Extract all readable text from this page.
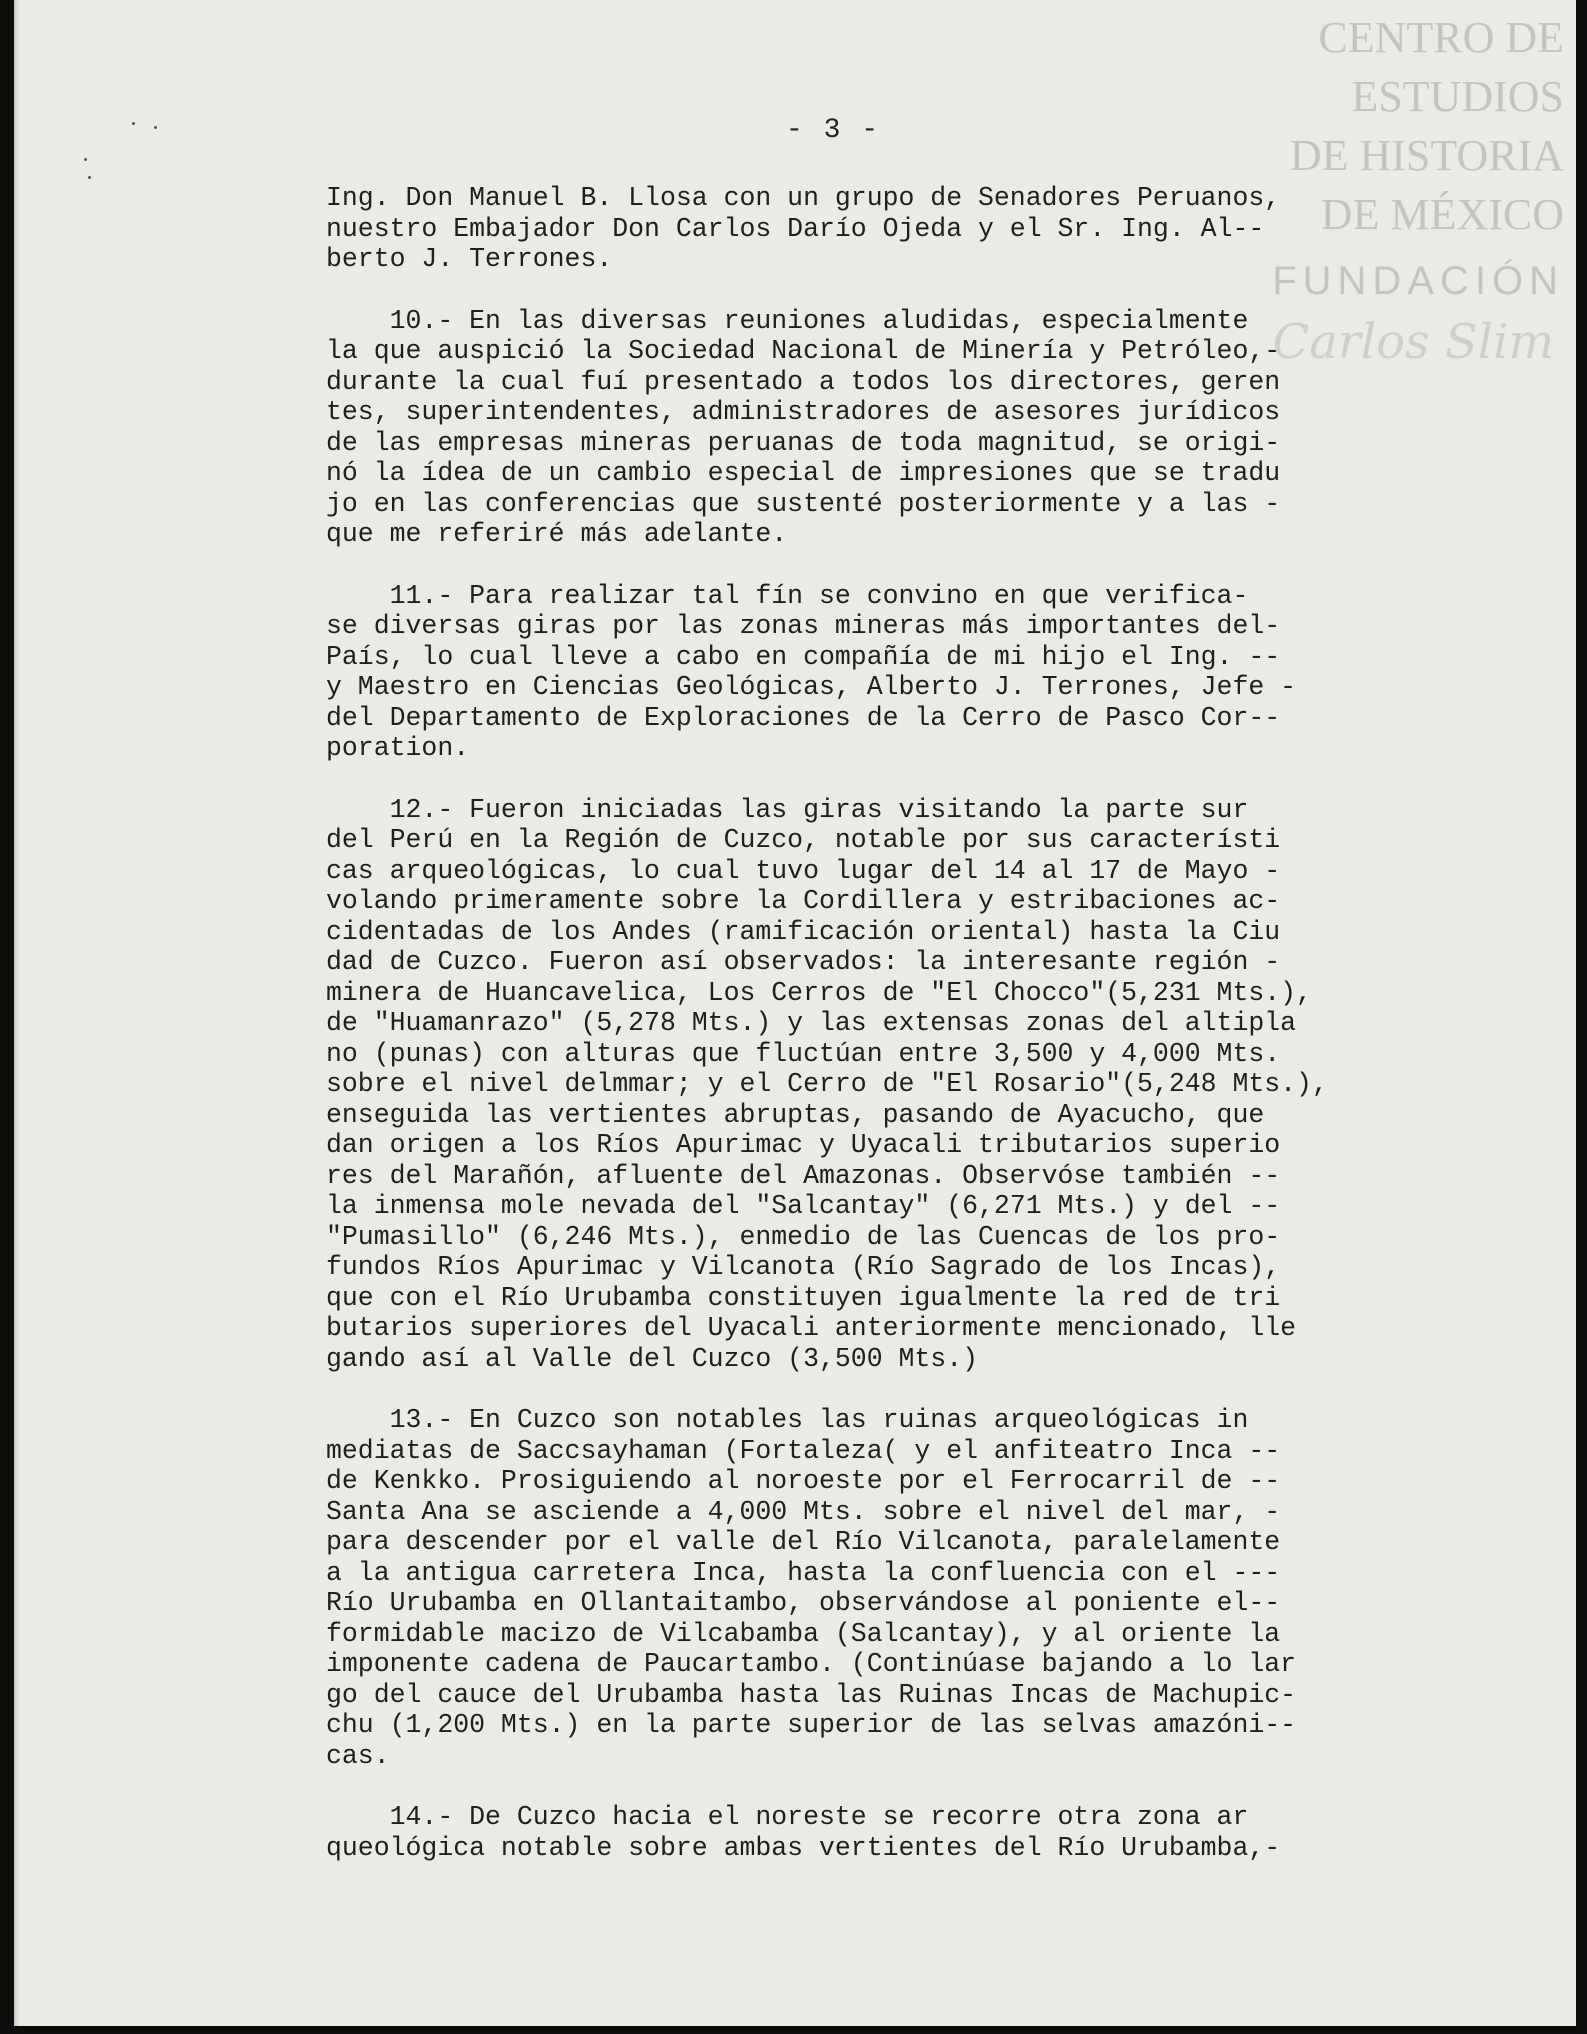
CENTRO DE
ESTUDIOS
DE HISTORIA
DE MÉXICO
FUNDACIÓN
Carlos Slim
- 3 -
Ing. Don Manuel B. Llosa con un grupo de Senadores Peruanos,
nuestro Embajador Don Carlos Darío Ojeda y el Sr. Ing. Al--
berto J. Terrones.
10.- En las diversas reuniones aludidas, especialmente
la que auspició la Sociedad Nacional de Minería y Petróleo,-
durante la cual fuí presentado a todos los directores, geren
tes, superintendentes, administradores de asesores jurídicos
de las empresas mineras peruanas de toda magnitud, se origi-
nó la ídea de un cambio especial de impresiones que se tradu
jo en las conferencias que sustenté posteriormente y a las -
que me referiré más adelante.
11.- Para realizar tal fín se convino en que verifica-
se diversas giras por las zonas mineras más importantes del-
País, lo cual lleve a cabo en compañía de mi hijo el Ing. --
y Maestro en Ciencias Geológicas, Alberto J. Terrones, Jefe -
del Departamento de Exploraciones de la Cerro de Pasco Cor--
poration.
12.- Fueron iniciadas las giras visitando la parte sur
del Perú en la Región de Cuzco, notable por sus característi
cas arqueológicas, lo cual tuvo lugar del 14 al 17 de Mayo -
volando primeramente sobre la Cordillera y estribaciones ac-
cidentadas de los Andes (ramificación oriental) hasta la Ciu
dad de Cuzco. Fueron así observados: la interesante región -
minera de Huancavelica, Los Cerros de "El Chocco"(5,231 Mts.),
de "Huamanrazo" (5,278 Mts.) y las extensas zonas del altipla
no (punas) con alturas que fluctúan entre 3,500 y 4,000 Mts.
sobre el nivel delmmar; y el Cerro de "El Rosario"(5,248 Mts.),
enseguida las vertientes abruptas, pasando de Ayacucho, que
dan origen a los Ríos Apurimac y Uyacali tributarios superio
res del Marañón, afluente del Amazonas. Observóse también --
la inmensa mole nevada del "Salcantay" (6,271 Mts.) y del --
"Pumasillo" (6,246 Mts.), enmedio de las Cuencas de los pro-
fundos Ríos Apurimac y Vilcanota (Río Sagrado de los Incas),
que con el Río Urubamba constituyen igualmente la red de tri
butarios superiores del Uyacali anteriormente mencionado, lle
gando así al Valle del Cuzco (3,500 Mts.)
13.- En Cuzco son notables las ruinas arqueológicas in
mediatas de Saccsayhaman (Fortaleza( y el anfiteatro Inca --
de Kenkko. Prosiguiendo al noroeste por el Ferrocarril de --
Santa Ana se asciende a 4,000 Mts. sobre el nivel del mar, -
para descender por el valle del Río Vilcanota, paralelamente
a la antigua carretera Inca, hasta la confluencia con el ---
Río Urubamba en Ollantaitambo, observándose al poniente el--
formidable macizo de Vilcabamba (Salcantay), y al oriente la
imponente cadena de Paucartambo. (Continúase bajando a lo lar
go del cauce del Urubamba hasta las Ruinas Incas de Machupic-
chu (1,200 Mts.) en la parte superior de las selvas amazóni--
cas.
14.- De Cuzco hacia el noreste se recorre otra zona ar
queológica notable sobre ambas vertientes del Río Urubamba,-
